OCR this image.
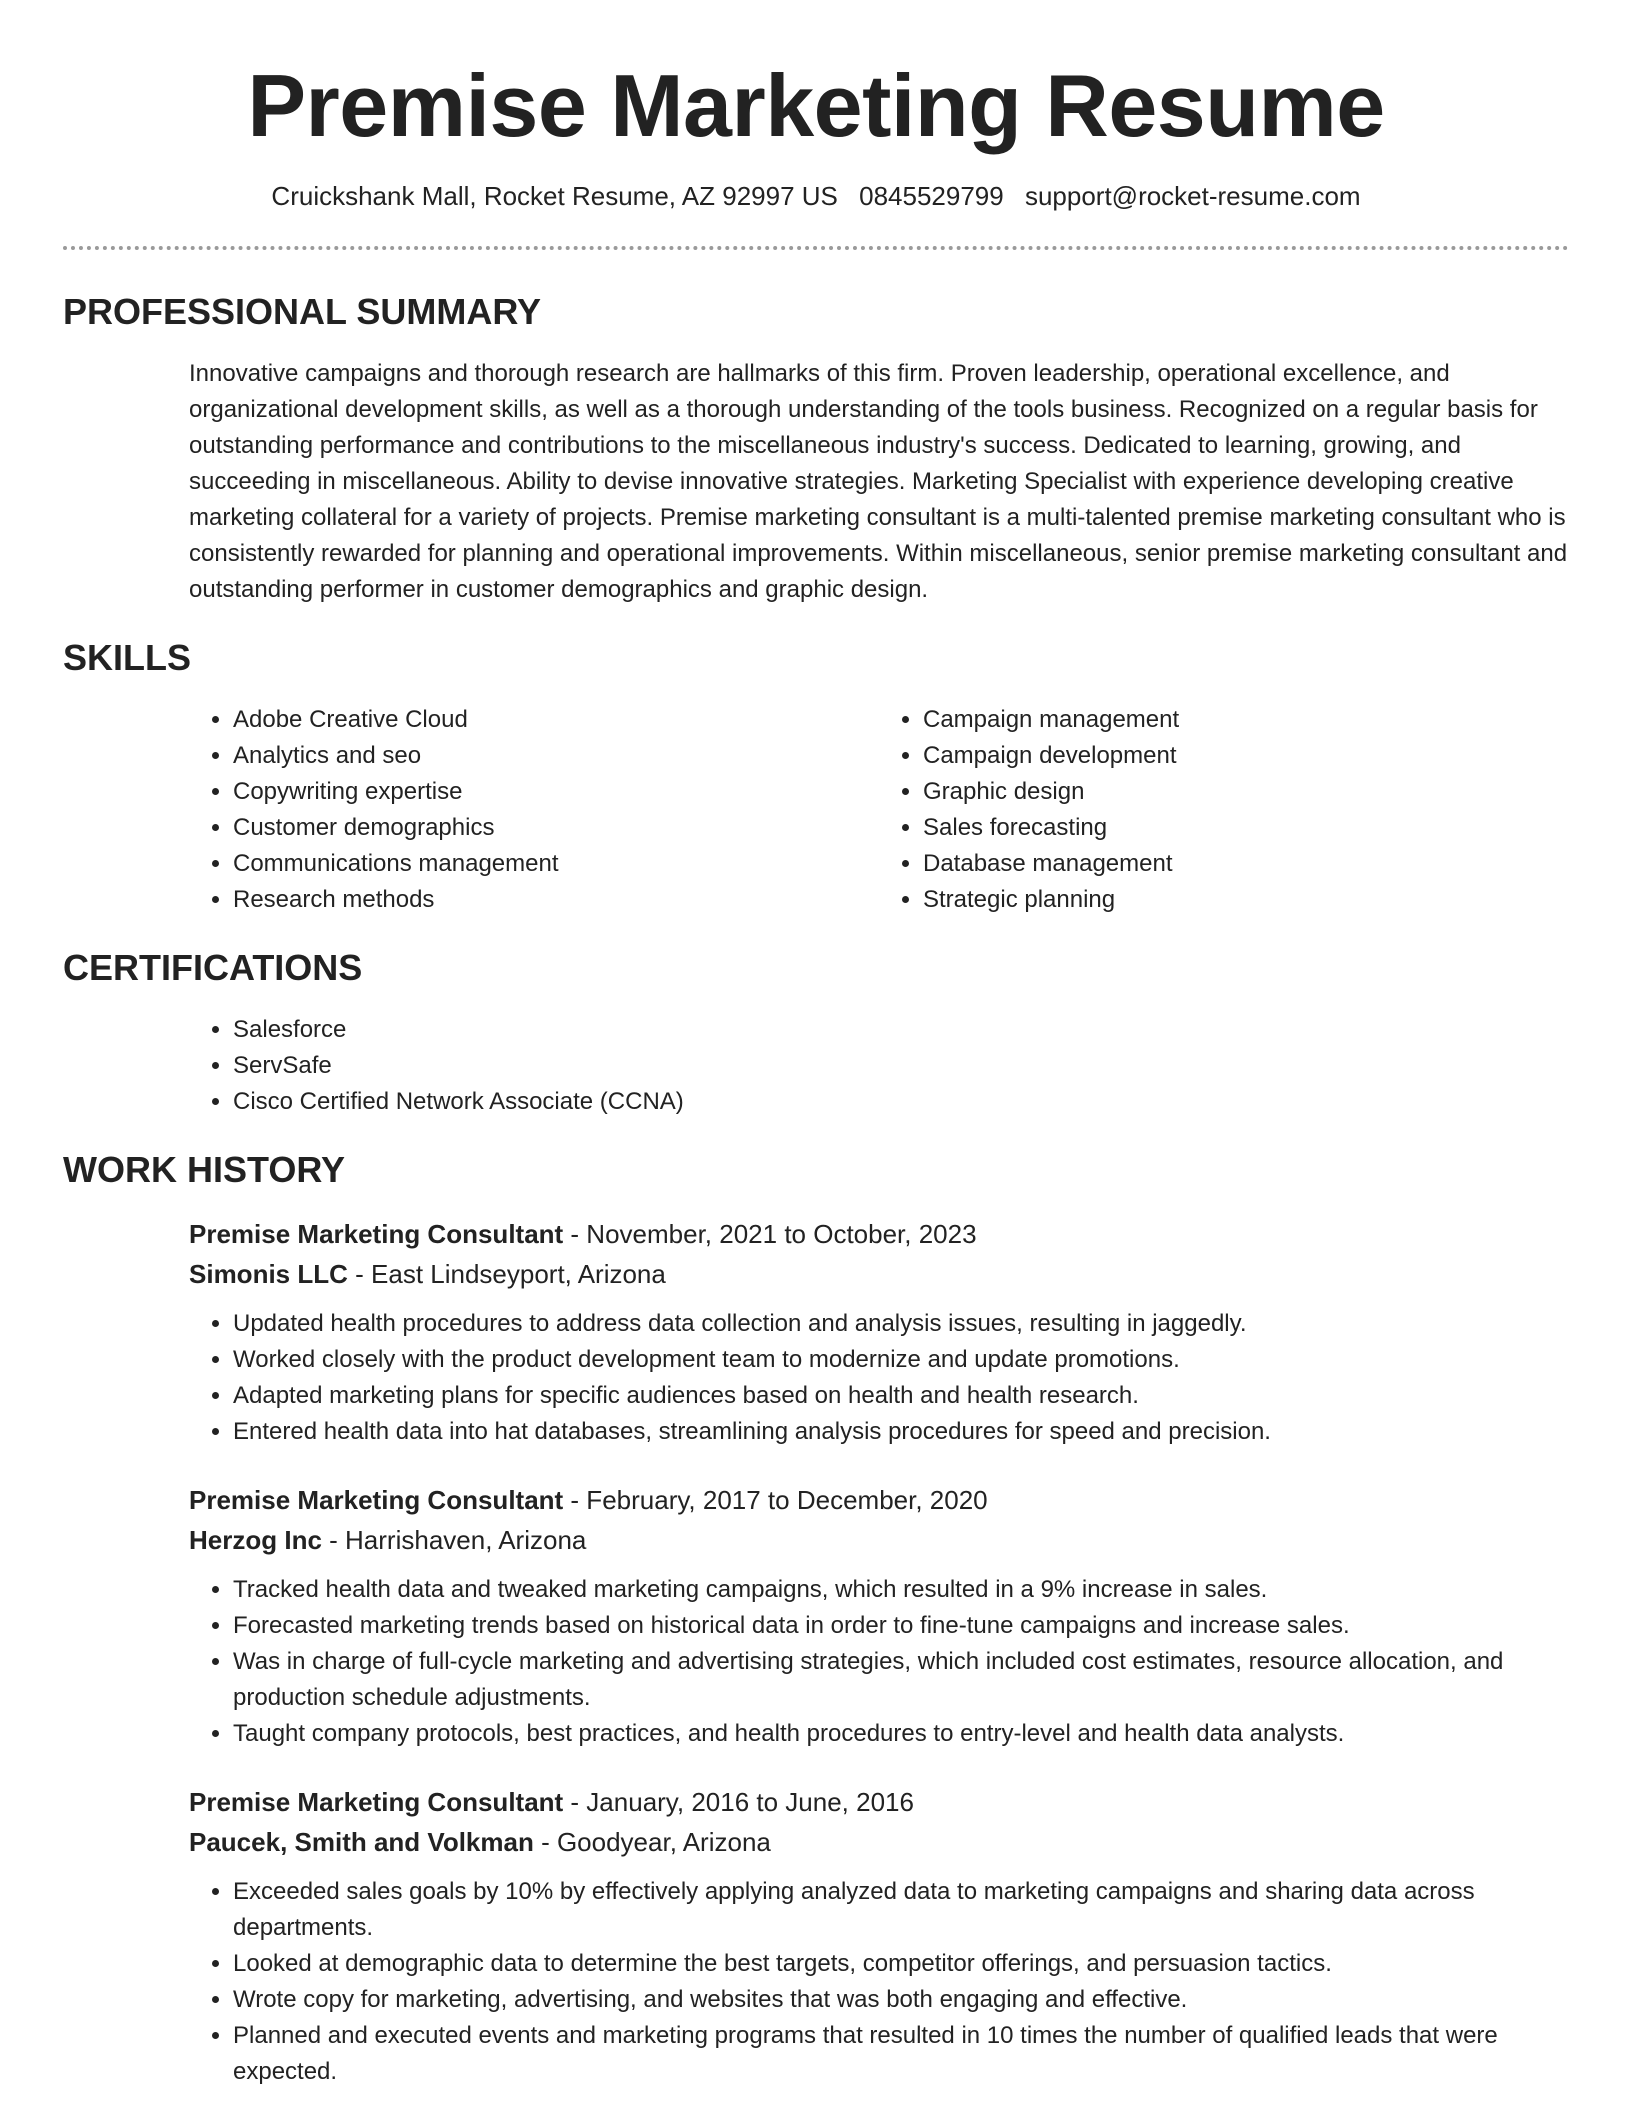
Premise Marketing Resume
Cruickshank Mall, Rocket Resume, AZ 92997 US 0845529799 support@rocket-resume.com
PROFESSIONAL SUMMARY

Innovative campaigns and thorough research are hallmarks of this firm. Proven leadership, operational excellence, and organizational development skills, as well as a thorough understanding of the tools business. Recognized on a regular basis for outstanding performance and contributions to the miscellaneous industry's success. Dedicated to learning, growing, and succeeding in miscellaneous. Ability to devise innovative strategies. Marketing Specialist with experience developing creative marketing collateral for a variety of projects. Premise marketing consultant is a multi-talented premise marketing consultant who is consistently rewarded for planning and operational improvements. Within miscellaneous, senior premise marketing consultant and outstanding performer in customer demographics and graphic design.

SKILLS
• Adobe Creative Cloud
• Analytics and seo
• Copywriting expertise
• Customer demographics
• Communications management
• Research methods
• Campaign management
• Campaign development
• Graphic design
• Sales forecasting
• Database management
• Strategic planning
CERTIFICATIONS
• Salesforce
• ServSafe
• Cisco Certified Network Associate (CCNA)
WORK HISTORY
Premise Marketing Consultant - November, 2021 to October, 2023
Simonis LLC - East Lindseyport, Arizona
• Updated health procedures to address data collection and analysis issues, resulting in jaggedly.
• Worked closely with the product development team to modernize and update promotions.
• Adapted marketing plans for specific audiences based on health and health research.
• Entered health data into hat databases, streamlining analysis procedures for speed and precision.
Premise Marketing Consultant - February, 2017 to December, 2020
Herzog Inc - Harrishaven, Arizona
• Tracked health data and tweaked marketing campaigns, which resulted in a 9% increase in sales.
• Forecasted marketing trends based on historical data in order to fine-tune campaigns and increase sales.
• Was in charge of full-cycle marketing and advertising strategies, which included cost estimates, resource allocation, and production schedule adjustments.
• Taught company protocols, best practices, and health procedures to entry-level and health data analysts.
Premise Marketing Consultant - January, 2016 to June, 2016
Paucek, Smith and Volkman - Goodyear, Arizona
• Exceeded sales goals by 10% by effectively applying analyzed data to marketing campaigns and sharing data across departments.
• Looked at demographic data to determine the best targets, competitor offerings, and persuasion tactics.
• Wrote copy for marketing, advertising, and websites that was both engaging and effective.
• Planned and executed events and marketing programs that resulted in 10 times the number of qualified leads that were expected.
